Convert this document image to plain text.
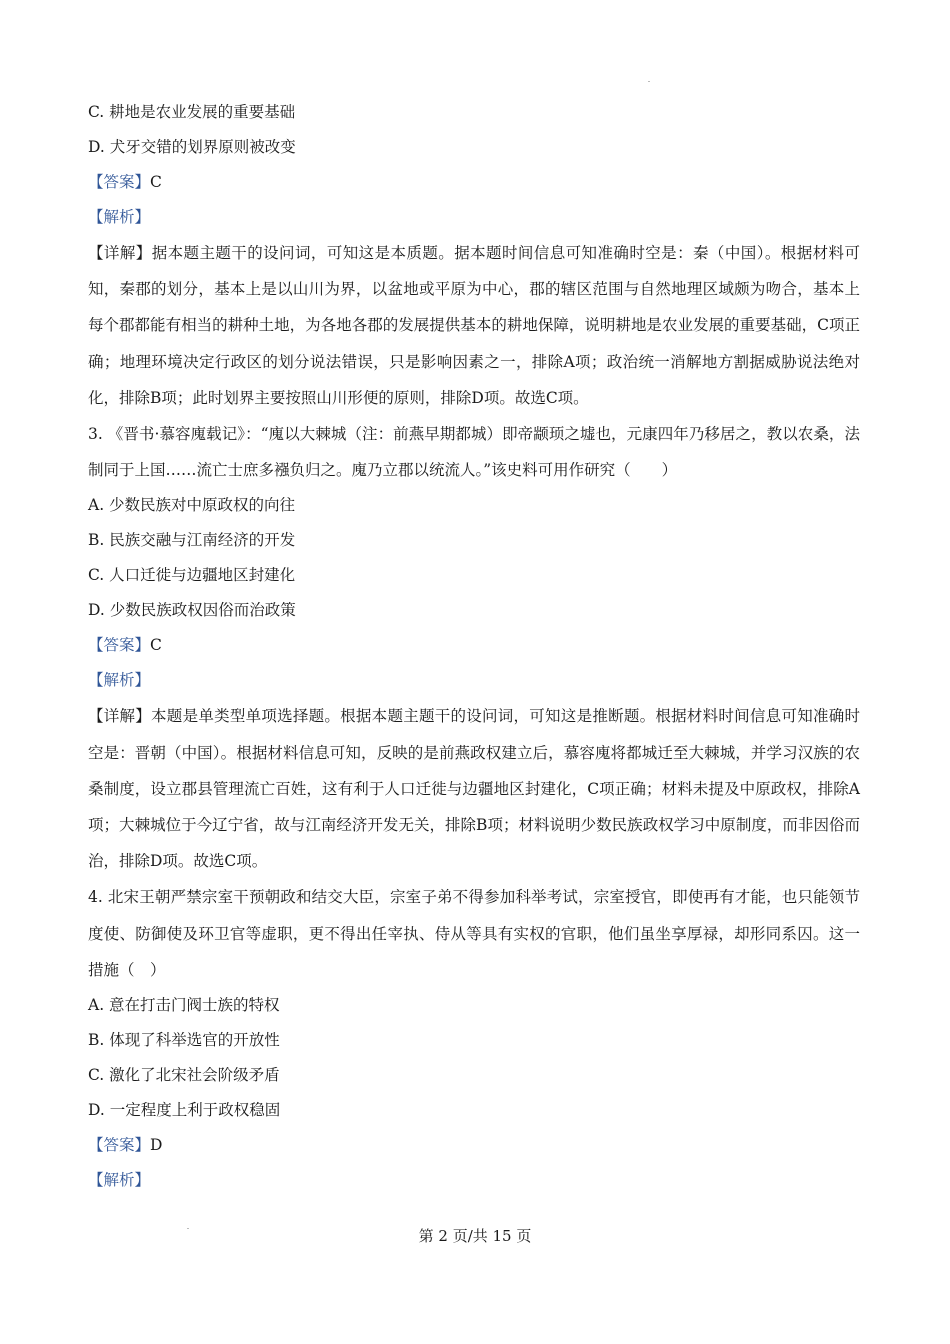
C. 耕地是农业发展的重要基础
D. 犬牙交错的划界原则被改变
【答案】C
【解析】
【详解】据本题主题干的设问词，可知这是本质题。据本题时间信息可知准确时空是：秦（中国）。根据材料可知，秦郡的划分，基本上是以山川为界，以盆地或平原为中心，郡的辖区范围与自然地理区域颇为吻合，基本上每个郡都能有相当的耕种土地，为各地各郡的发展提供基本的耕地保障，说明耕地是农业发展的重要基础，C项正确；地理环境决定行政区的划分说法错误，只是影响因素之一，排除A项；政治统一消解地方割据威胁说法绝对化，排除B项；此时划界主要按照山川形便的原则，排除D项。故选C项。
3. 《晋书·慕容廆载记》：“廆以大棘城（注：前燕早期都城）即帝颛顼之墟也，元康四年乃移居之，教以农桑，法制同于上国……流亡士庶多襁负归之。廆乃立郡以统流人。”该史料可用作研究（　　）
A. 少数民族对中原政权的向往
B. 民族交融与江南经济的开发
C. 人口迁徙与边疆地区封建化
D. 少数民族政权因俗而治政策
【答案】C
【解析】
【详解】本题是单类型单项选择题。根据本题主题干的设问词，可知这是推断题。根据材料时间信息可知准确时空是：晋朝（中国）。根据材料信息可知，反映的是前燕政权建立后，慕容廆将都城迁至大棘城，并学习汉族的农桑制度，设立郡县管理流亡百姓，这有利于人口迁徙与边疆地区封建化，C项正确；材料未提及中原政权，排除A项；大棘城位于今辽宁省，故与江南经济开发无关，排除B项；材料说明少数民族政权学习中原制度，而非因俗而治，排除D项。故选C项。
4. 北宋王朝严禁宗室干预朝政和结交大臣，宗室子弟不得参加科举考试，宗室授官，即使再有才能，也只能领节度使、防御使及环卫官等虚职，更不得出任宰执、侍从等具有实权的官职，他们虽坐享厚禄，却形同系囚。这一措施（　）
A. 意在打击门阀士族的特权
B. 体现了科举选官的开放性
C. 激化了北宋社会阶级矛盾
D. 一定程度上利于政权稳固
【答案】D
【解析】
第 2 页/共 15 页
